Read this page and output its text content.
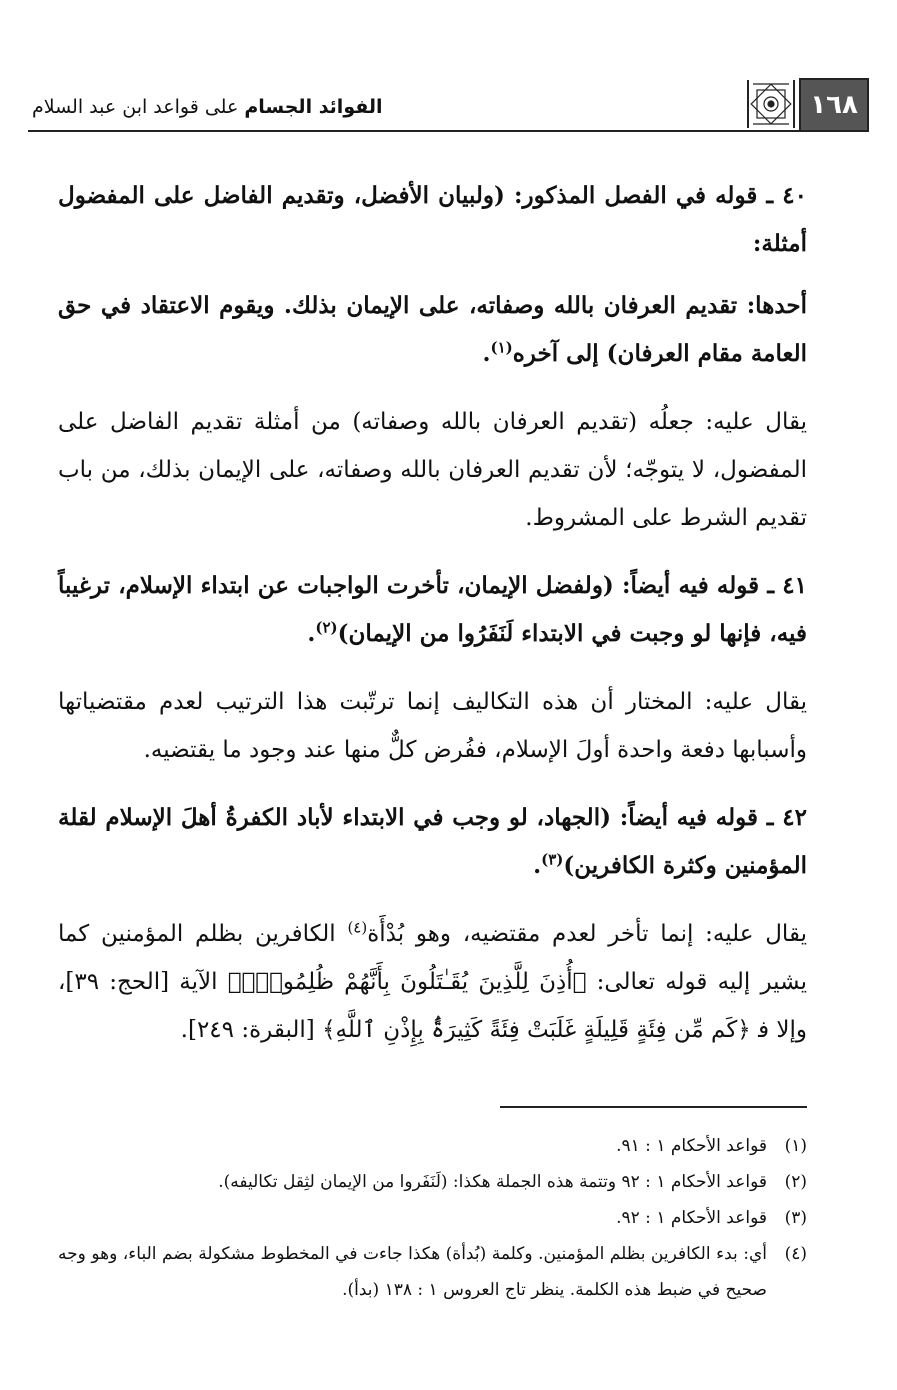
١٦٨
الفوائد الجسام على قواعد ابن عبد السلام

٤٠ ـ قوله في الفصل المذكور: (ولبيان الأفضل، وتقديم الفاضل على المفضول أمثلة:

أحدها: تقديم العرفان بالله وصفاته، على الإيمان بذلك. ويقوم الاعتقاد في حق العامة مقام العرفان) إلى آخره$^{(١)}$.

يقال عليه: جعلُه (تقديم العرفان بالله وصفاته) من أمثلة تقديم الفاضل على المفضول، لا يتوجّه؛ لأن تقديم العرفان بالله وصفاته، على الإيمان بذلك، من باب تقديم الشرط على المشروط.

٤١ ـ قوله فيه أيضاً: (ولفضل الإيمان، تأخرت الواجبات عن ابتداء الإسلام، ترغيباً فيه، فإنها لو وجبت في الابتداء لَنَفَرُوا من الإيمان)$^{(٢)}$.

يقال عليه: المختار أن هذه التكاليف إنما ترتّبت هذا الترتيب لعدم مقتضياتها وأسبابها دفعة واحدة أولَ الإسلام، ففُرض كلٌّ منها عند وجود ما يقتضيه.

٤٢ ـ قوله فيه أيضاً: (الجهاد، لو وجب في الابتداء لأباد الكفرةُ أهلَ الإسلام لقلة المؤمنين وكثرة الكافرين)$^{(٣)}$.

يقال عليه: إنما تأخر لعدم مقتضيه، وهو بُدْأَة$^{(٤)}$ الكافرين بظلم المؤمنين كما يشير إليه قوله تعالى: ﴿أُذِنَ لِلَّذِينَ يُقَـٰتَلُونَ بِأَنَّهُمْ ظُلِمُوا۟ۚ﴾ الآية [الحج: ٣٩]، وإلا ف‍ ﴿كَم مِّن فِئَةٍ قَلِيلَةٍ غَلَبَتْ فِئَةً كَثِيرَةًۢ بِإِذْنِ ٱللَّهِ﴾ [البقرة: ٢٤٩].

(١)
قواعد الأحكام ١ : ٩١.
(٢)
قواعد الأحكام ١ : ٩٢ وتتمة هذه الجملة هكذا: (لَنَفَروا من الإيمان لثِقل تكاليفه).
(٣)
قواعد الأحكام ١ : ٩٢.
(٤)
أي: بدء الكافرين بظلم المؤمنين. وكلمة (بُدأة) هكذا جاءت في المخطوط مشكولة بضم الباء، وهو وجه صحيح في ضبط هذه الكلمة. ينظر تاج العروس ١ : ١٣٨ (بدأ).
